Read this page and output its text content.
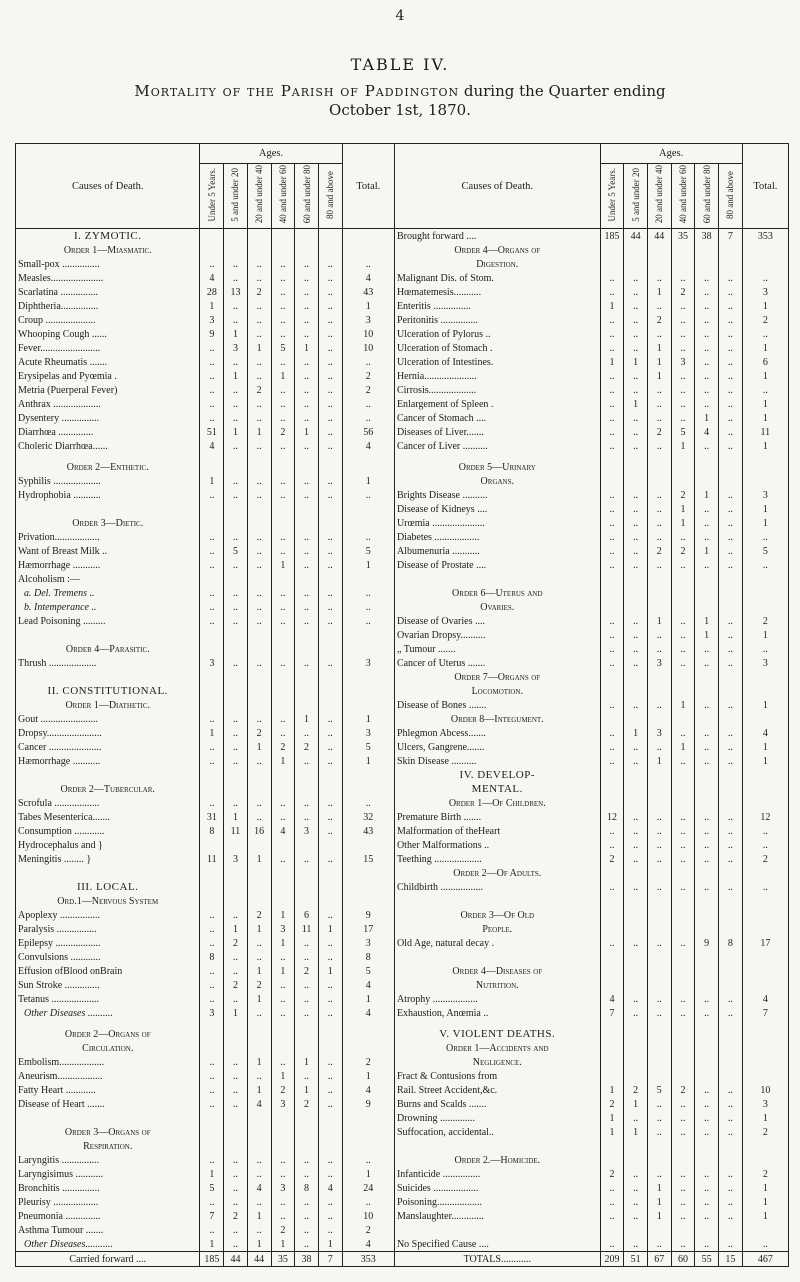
4
TABLE IV.
Mortality of the Parish of Paddington during the Quarter ending
October 1st, 1870.
Causes of Death.	Ages.						Total.	Causes of Death.	Ages.						Total.
	Under 5 Years.	5 and under 20	20 and under 40	40 and under 60	60 and under 80	80 and above			Under 5 Years.	5 and under 20	20 and under 40	40 and under 60	60 and under 80	80 and above	
I. ZYMOTIC.								Brought forward ....	185	44	44	35	38	7	353
Order 1—Miasmatic.								Order 4—Organs of							
Small-pox ...............	..	..	..	..	..	..	..	Digestion.							
Measles.....................	4	..	..	..	..	..	4	Malignant Dis. of Stom.	..	..	..	..	..	..	..
Scarlatina ...............	28	13	2	..	..	..	43	Hœmatemesis...........	..	..	1	2	..	..	3
Diphtheria...............	1	..	..	..	..	..	1	Enteritis ...............	1	..	..	..	..	..	1
Croup ....................	3	..	..	..	..	..	3	Peritonitis ...............	..	..	2	..	..	..	2
Whooping Cough ......	9	1	..	..	..	..	10	Ulceration of Pylorus ..	..	..	..	..	..	..	..
Fever........................	..	3	1	5	1	..	10	Ulceration of Stomach .	..	..	1	..	..	..	1
Acute Rheumatis .......	..	..	..	..	..	..	..	Ulceration of Intestines.	1	1	1	3	..	..	6
Erysipelas and Pyœmia .	..	1	..	1	..	..	2	Hernia.....................	..	..	1	..	..	..	1
Metria (Puerperal Fever)	..	..	2	..	..	..	2	Cirrosis...................	..	..	..	..	..	..	..
Anthrax ...................	..	..	..	..	..	..	..	Enlargement of Spleen .	..	1	..	..	..	..	1
Dysentery ...............	..	..	..	..	..	..	..	Cancer of Stomach ....	..	..	..	..	1	..	1
Diarrhœa ..............	51	1	1	2	1	..	56	Diseases of Liver.......	..	..	2	5	4	..	11
Choleric Diarrhœa......	4	..	..	..	..	..	4	Cancer of Liver ..........	..	..	..	1	..	..	1

Order 2—Enthetic.								Order 5—Urinary							
Syphilis ...................	1	..	..	..	..	..	1	Organs.							
Hydrophobia ...........	..	..	..	..	..	..	..	Brights Disease ..........	..	..	..	2	1	..	3
								Disease of Kidneys ....	..	..	..	1	..	..	1
Order 3—Dietic.								Urœmia .....................	..	..	..	1	..	..	1
Privation..................	..	..	..	..	..	..	..	Diabetes ..................	..	..	..	..	..	..	..
Want of Breast Milk ..	..	5	..	..	..	..	5	Albumenuria ...........	..	..	2	2	1	..	5
Hæmorrhage ...........	..	..	..	1	..	..	1	Disease of Prostate ....	..	..	..	..	..	..	..
Alcoholism :—															
a. Del. Tremens ..	..	..	..	..	..	..	..	Order 6—Uterus and							
b. Intemperance ..	..	..	..	..	..	..	..	Ovaries.							
Lead Poisoning .........	..	..	..	..	..	..	..	Disease of Ovaries ....	..	..	1	..	1	..	2
								Ovarian Dropsy..........	..	..	..	..	1	..	1
Order 4—Parasitic.								„ Tumour .......	..	..	..	..	..	..	..
Thrush ...................	3	..	..	..	..	..	3	Cancer of Uterus .......	..	..	3	..	..	..	3
								Order 7—Organs of							
II. CONSTITUTIONAL.								Locomotion.							
Order 1—Diathetic.								Disease of Bones .......	..	..	..	1	..	..	1
Gout .......................	..	..	..	..	1	..	1	Order 8—Integument.							
Dropsy......................	1	..	2	..	..	..	3	Phlegmon Abcess.......	..	1	3	..	..	..	4
Cancer .....................	..	..	1	2	2	..	5	Ulcers, Gangrene.......	..	..	..	1	..	..	1
Hæmorrhage ...........	..	..	..	1	..	..	1	Skin Disease ..........	..	..	1	..	..	..	1
								IV. DEVELOP-							
Order 2—Tubercular.								MENTAL.							
Scrofula ..................	..	..	..	..	..	..	..	Order 1—Of Children.							
Tabes Mesenterica.......	31	1	..	..	..	..	32	Premature Birth .......	12	..	..	..	..	..	12
Consumption ............	8	11	16	4	3	..	43	Malformation of theHeart	..	..	..	..	..	..	..
Hydrocephalus and }								Other Malformations ..	..	..	..	..	..	..	..
Meningitis ........ }	11	3	1	..	..	..	15	Teething ...................	2	..	..	..	..	..	2
								Order 2—Of Adults.							
III. LOCAL.								Childbirth .................	..	..	..	..	..	..	..
Ord.1—Nervous System															
Apoplexy ................	..	..	2	1	6	..	9	Order 3—Of Old							
Paralysis ................	..	1	1	3	11	1	17	People.							
Epilepsy ..................	..	2	..	1	..	..	3	Old Age, natural decay .	..	..	..	..	9	8	17
Convulsions ............	8	..	..	..	..	..	8								
Effusion ofBlood onBrain	..	..	1	1	2	1	5	Order 4—Diseases of							
Sun Stroke ..............	..	2	2	..	..	..	4	Nutrition.							
Tetanus ...................	..	..	1	..	..	..	1	Atrophy ..................	4	..	..	..	..	..	4
Other Diseases ..........	3	1	..	..	..	..	4	Exhaustion, Anœmia ..	7	..	..	..	..	..	7

Order 2—Organs of								V. VIOLENT DEATHS.							
Circulation.								Order 1—Accidents and							
Embolism..................	..	..	1	..	1	..	2	Negligence.							
Aneurism..................	..	..	..	1	..	..	1	Fract & Contusions from							
Fatty Heart ............	..	..	1	2	1	..	4	Rail. Street Accident,&c.	1	2	5	2	..	..	10
Disease of Heart .......	..	..	4	3	2	..	9	Burns and Scalds .......	2	1	..	..	..	..	3
								Drowning ..............	1	..	..	..	..	..	1
Order 3—Organs of								Suffocation, accidental..	1	1	..	..	..	..	2
Respiration.															
Laryngitis ...............	..	..	..	..	..	..	..	Order 2.—Homicide.							
Laryngisimus ...........	1	..	..	..	..	..	1	Infanticide ...............	2	..	..	..	..	..	2
Bronchitis ...............	5	..	4	3	8	4	24	Suicides ..................	..	..	1	..	..	..	1
Pleurisy ..................	..	..	..	..	..	..	..	Poisoning..................	..	..	1	..	..	..	1
Pneumonia ..............	7	2	1	..	..	..	10	Manslaughter.............	..	..	1	..	..	..	1
Asthma Tumour .......	..	..	..	2	..	..	2								
Other Diseases...........	1	..	1	1	..	1	4	No Specified Cause ....	..	..	..	..	..	..	..
Carried forward ....	185	44	44	35	38	7	353	TOTALS............	209	51	67	60	55	15	467
